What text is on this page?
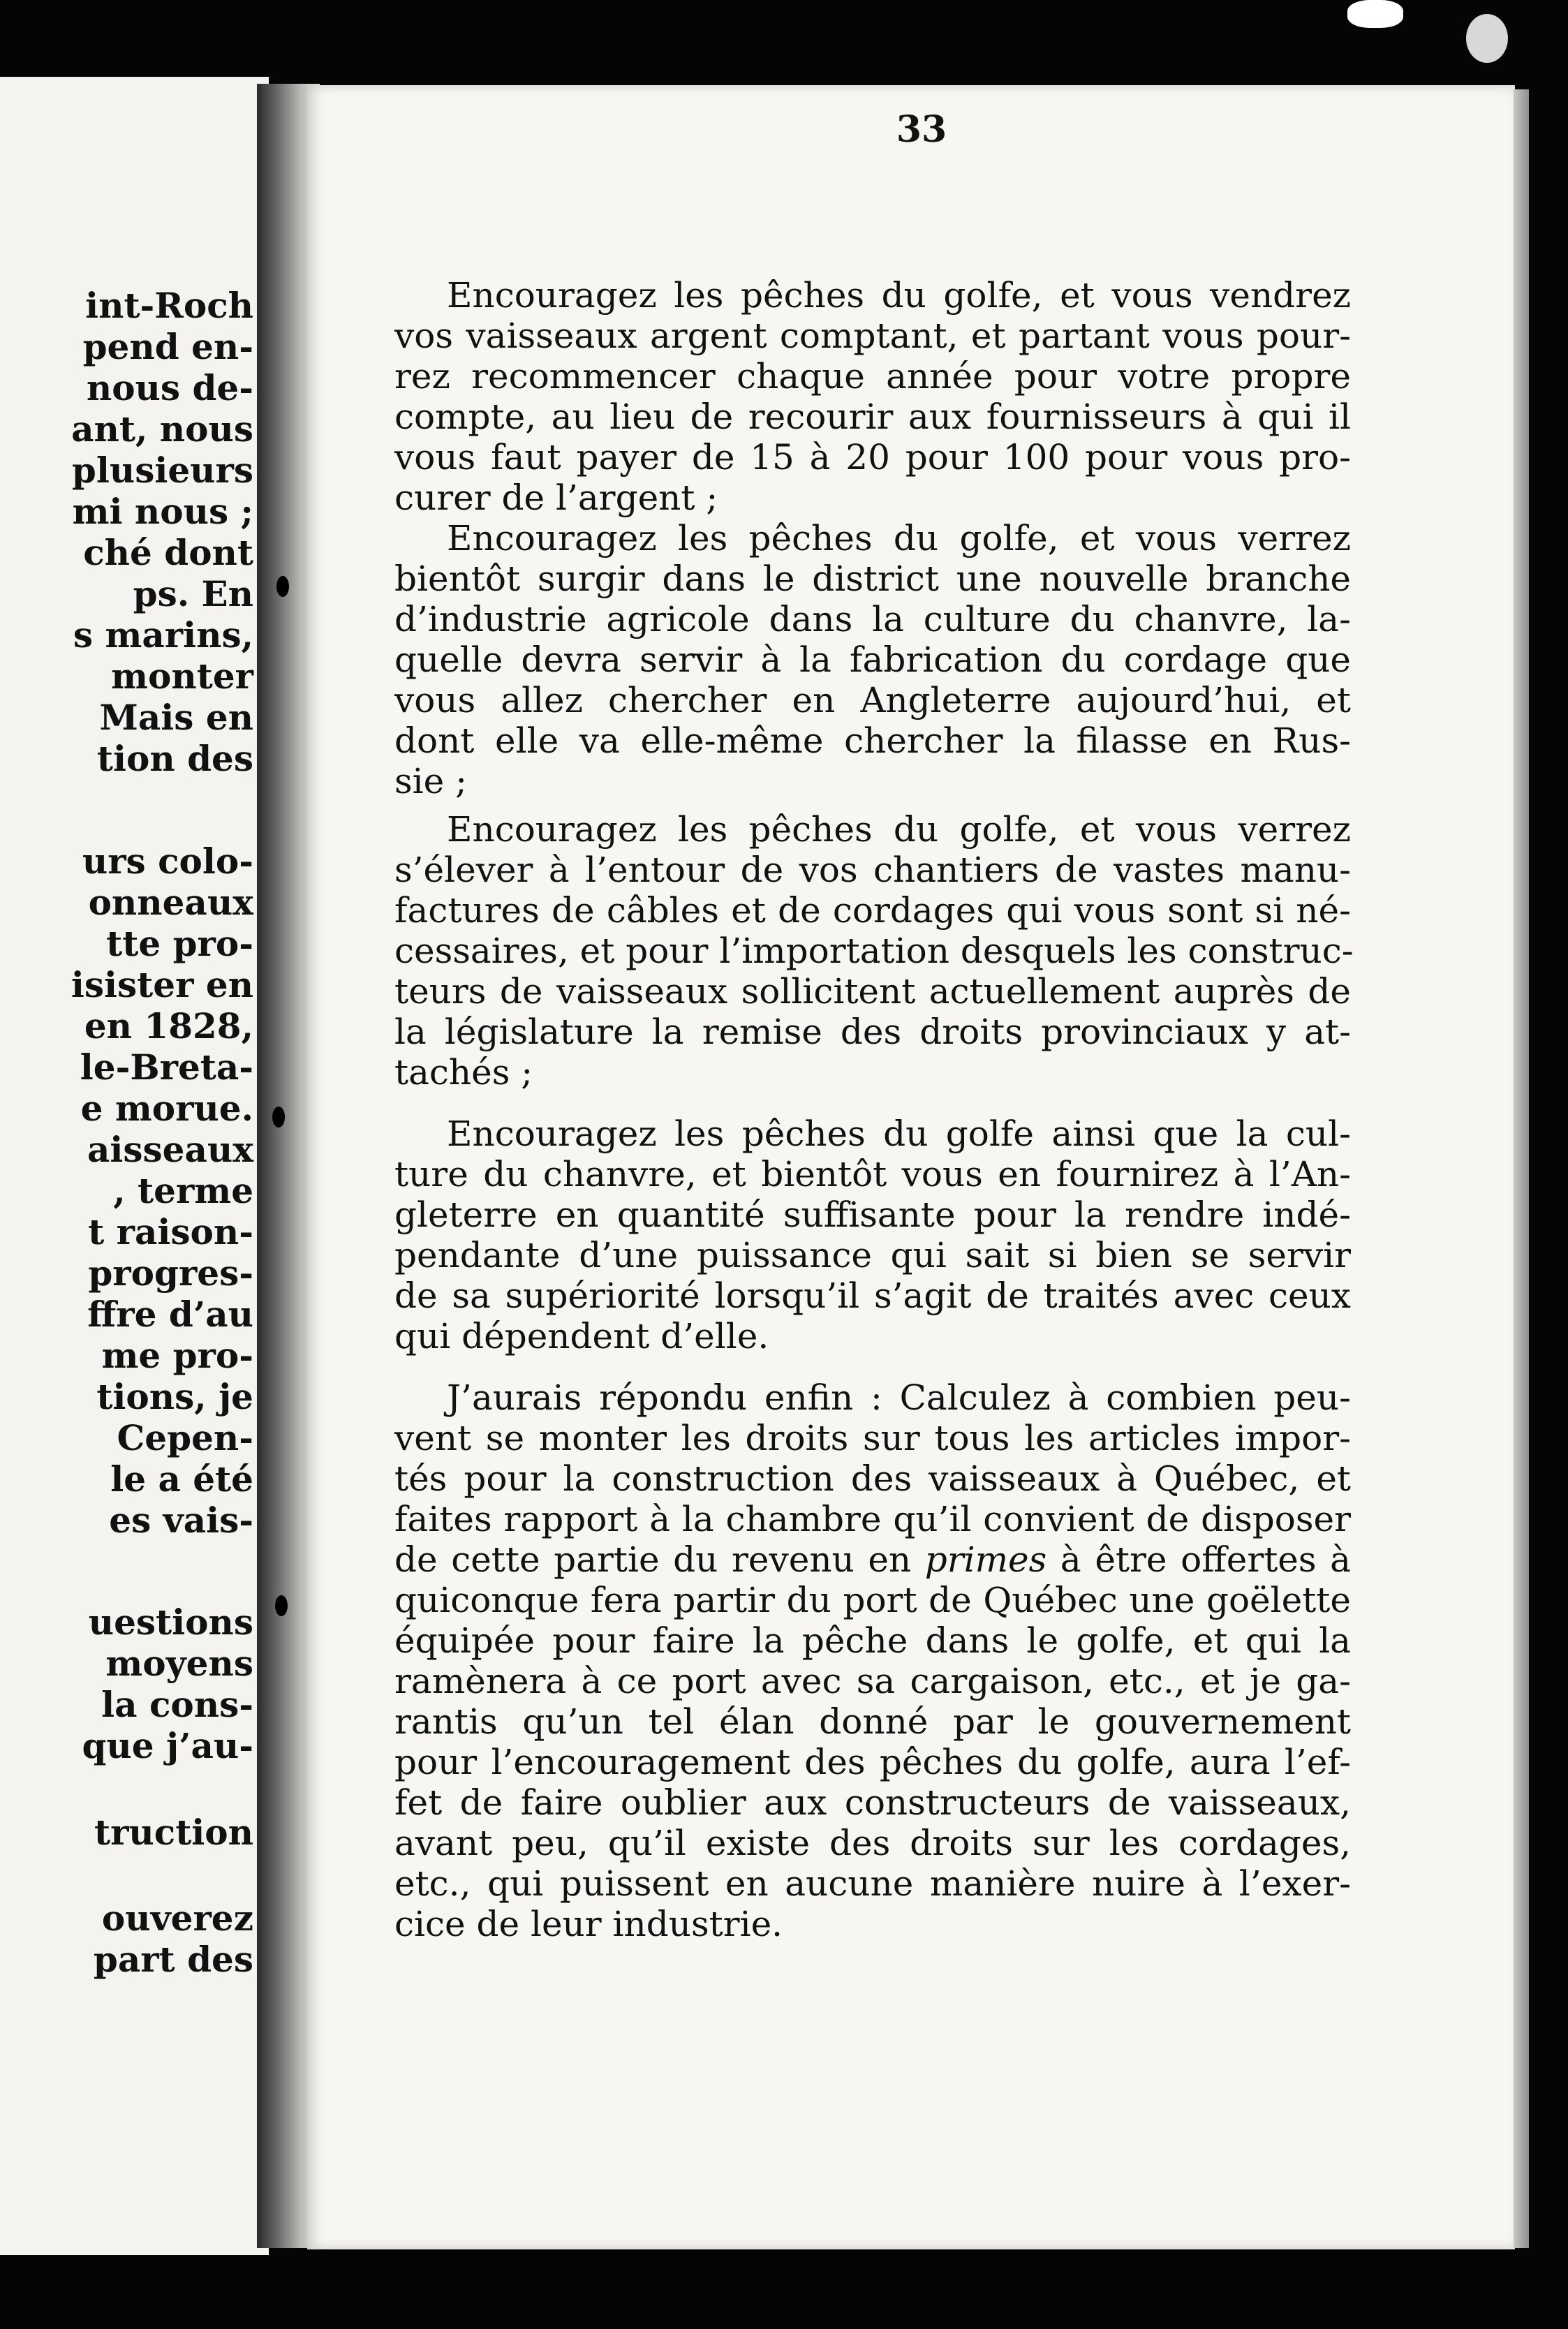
int-Roch
pend en-
nous de-
ant, nous
plusieurs
mi nous ;
ché dont
ps. En
s marins,
monter
Mais en
tion des
urs colo-
onneaux
tte pro-
isister en
en 1828,
le-Breta-
e morue.
aisseaux
, terme
t raison-
progres-
ffre d’au
me pro-
tions, je
Cepen-
le a été
es vais-
uestions
moyens
la cons-
que j’au-
truction
ouverez
part des
33
Encouragez les pêches du golfe, et vous vendrez
vos vaisseaux argent comptant, et partant vous pour-
rez recommencer chaque année pour votre propre
compte, au lieu de recourir aux fournisseurs à qui il
vous faut payer de 15 à 20 pour 100 pour vous pro-
curer de l’argent ;
Encouragez les pêches du golfe, et vous verrez
bientôt surgir dans le district une nouvelle branche
d’industrie agricole dans la culture du chanvre, la-
quelle devra servir à la fabrication du cordage que
vous allez chercher en Angleterre aujourd’hui, et
dont elle va elle-même chercher la filasse en Rus-
sie ;
Encouragez les pêches du golfe, et vous verrez
s’élever à l’entour de vos chantiers de vastes manu-
factures de câbles et de cordages qui vous sont si né-
cessaires, et pour l’importation desquels les construc-
teurs de vaisseaux sollicitent actuellement auprès de
la législature la remise des droits provinciaux y at-
tachés ;
Encouragez les pêches du golfe ainsi que la cul-
ture du chanvre, et bientôt vous en fournirez à l’An-
gleterre en quantité suffisante pour la rendre indé-
pendante d’une puissance qui sait si bien se servir
de sa supériorité lorsqu’il s’agit de traités avec ceux
qui dépendent d’elle.
J’aurais répondu enfin : Calculez à combien peu-
vent se monter les droits sur tous les articles impor-
tés pour la construction des vaisseaux à Québec, et
faites rapport à la chambre qu’il convient de disposer
de cette partie du revenu en primes à être offertes à
quiconque fera partir du port de Québec une goëlette
équipée pour faire la pêche dans le golfe, et qui la
ramènera à ce port avec sa cargaison, etc., et je ga-
rantis qu’un tel élan donné par le gouvernement
pour l’encouragement des pêches du golfe, aura l’ef-
fet de faire oublier aux constructeurs de vaisseaux,
avant peu, qu’il existe des droits sur les cordages,
etc., qui puissent en aucune manière nuire à l’exer-
cice de leur industrie.
